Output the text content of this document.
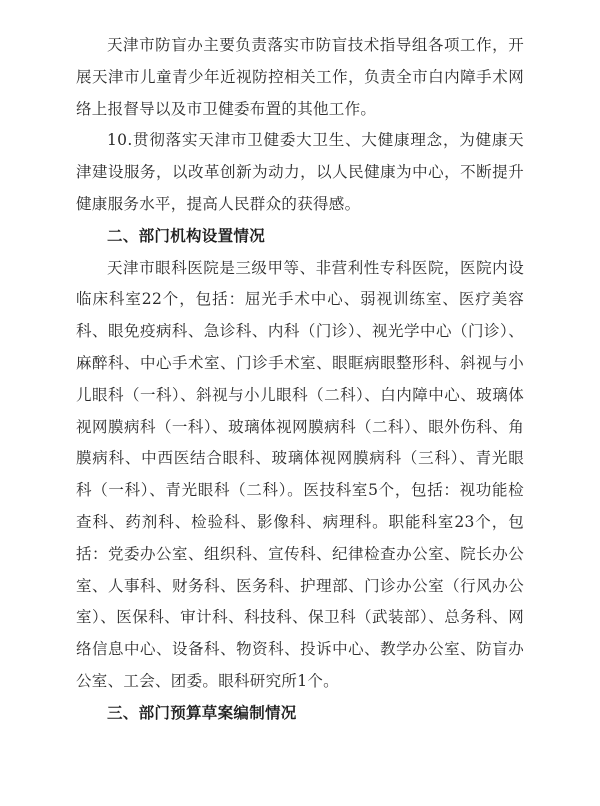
天津市防盲办主要负责落实市防盲技术指导组各项工作，开展天津市儿童青少年近视防控相关工作，负责全市白内障手术网络上报督导以及市卫健委布置的其他工作。

10.贯彻落实天津市卫健委大卫生、大健康理念，为健康天津建设服务，以改革创新为动力，以人民健康为中心，不断提升健康服务水平，提高人民群众的获得感。

二、部门机构设置情况

天津市眼科医院是三级甲等、非营利性专科医院，医院内设临床科室22个，包括：屈光手术中心、弱视训练室、医疗美容科、眼免疫病科、急诊科、内科（门诊）、视光学中心（门诊）、麻醉科、中心手术室、门诊手术室、眼眶病眼整形科、斜视与小儿眼科（一科）、斜视与小儿眼科（二科）、白内障中心、玻璃体视网膜病科（一科）、玻璃体视网膜病科（二科）、眼外伤科、角膜病科、中西医结合眼科、玻璃体视网膜病科（三科）、青光眼科（一科）、青光眼科（二科）。医技科室5个，包括：视功能检查科、药剂科、检验科、影像科、病理科。职能科室23个，包括：党委办公室、组织科、宣传科、纪律检查办公室、院长办公室、人事科、财务科、医务科、护理部、门诊办公室（行风办公室）、医保科、审计科、科技科、保卫科（武装部）、总务科、网络信息中心、设备科、物资科、投诉中心、教学办公室、防盲办公室、工会、团委。眼科研究所1个。

三、部门预算草案编制情况
